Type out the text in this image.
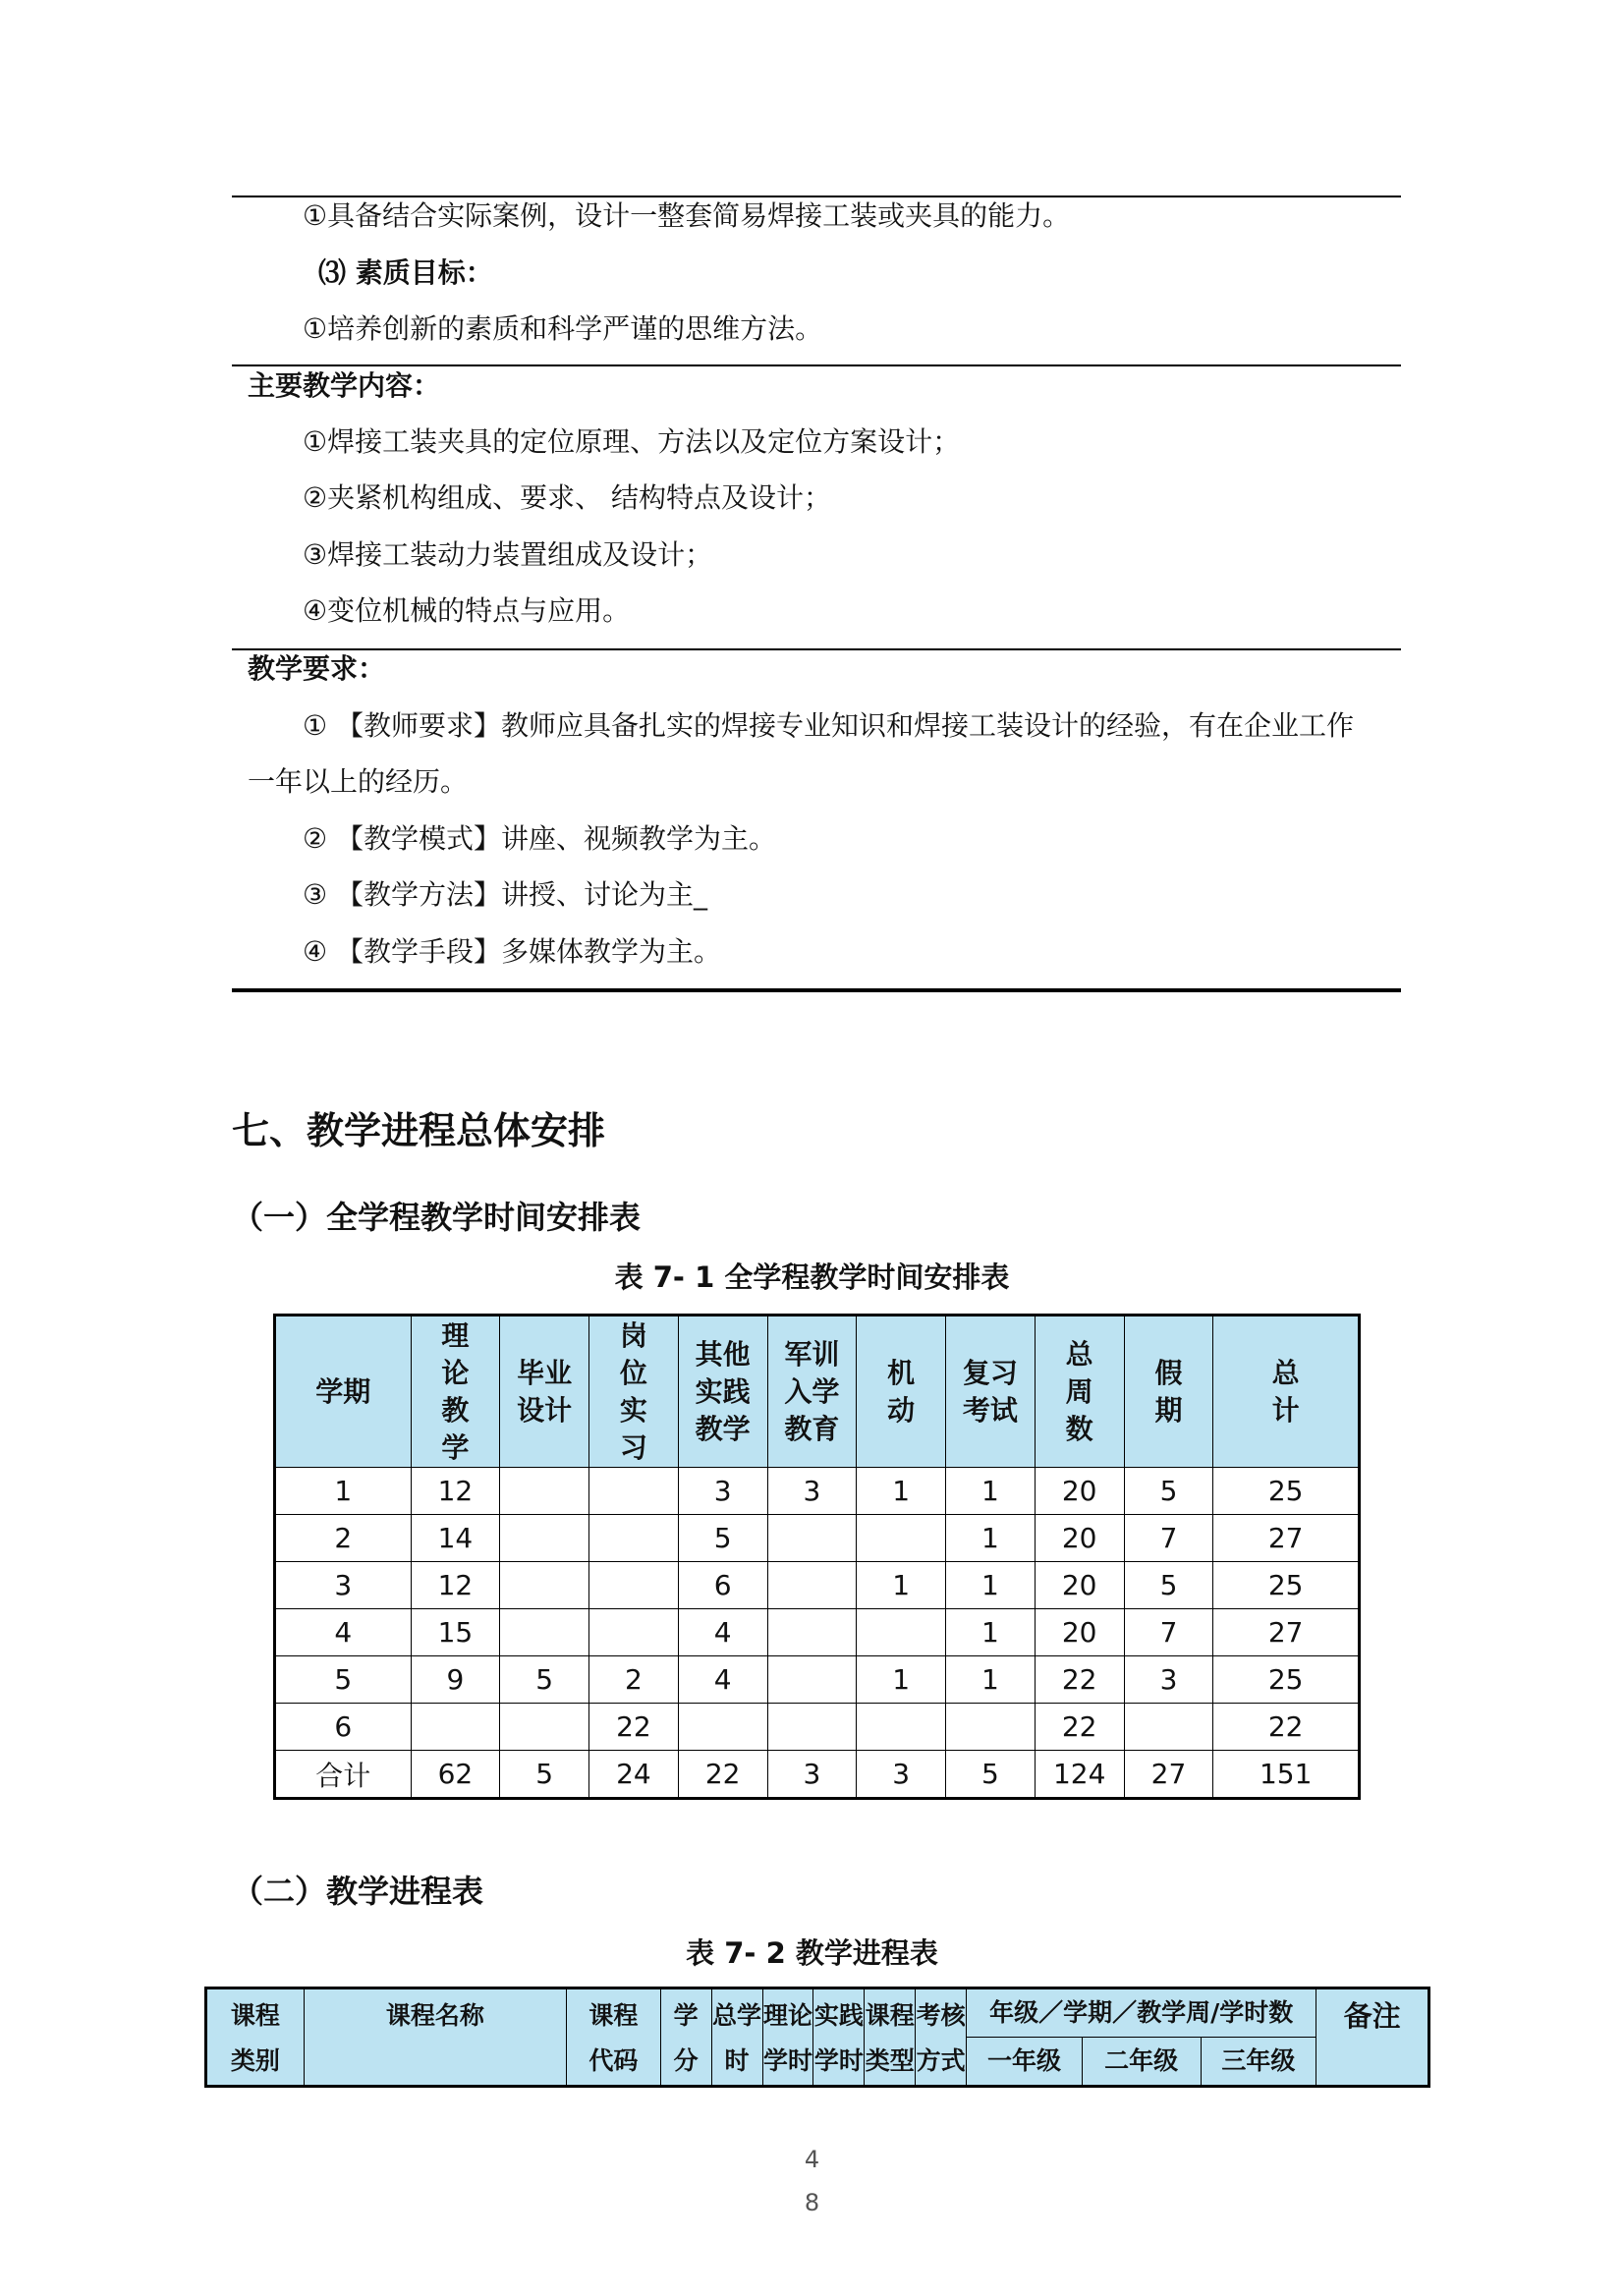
①具备结合实际案例，设计一整套简易焊接工装或夹具的能力。
⑶ 素质目标：
①培养创新的素质和科学严谨的思维方法。
主要教学内容：
①焊接工装夹具的定位原理、方法以及定位方案设计；
②夹紧机构组成、要求、 结构特点及设计；
③焊接工装动力装置组成及设计；
④变位机械的特点与应用。
教学要求：
① 【教师要求】教师应具备扎实的焊接专业知识和焊接工装设计的经验，有在企业工作
一年以上的经历。
② 【教学模式】讲座、视频教学为主。
③ 【教学方法】讲授、讨论为主_
④ 【教学手段】多媒体教学为主。
七、教学进程总体安排
（一）全学程教学时间安排表
表 7- 1 全学程教学时间安排表
学期	理
论
教
学	毕业
设计	岗
位
实
习	其他
实践
教学	军训
入学
教育	机
动	复习
考试	总
周
数	假
期	总
计
1	12			3	3	1	1	20	5	25
2	14			5			1	20	7	27
3	12			6		1	1	20	5	25
4	15			4			1	20	7	27
5	9	5	2	4		1	1	22	3	25
6			22					22		22
合计	62	5	24	22	3	3	5	124	27	151
（二）教学进程表
表 7- 2 教学进程表
课程
类别	课程名称	课程
代码	学
分	总学
时	理论
学时	实践
学时	课程
类型	考核
方式	年级／学期／教学周/学时数			备注
									一年级	二年级	三年级	
4
8
